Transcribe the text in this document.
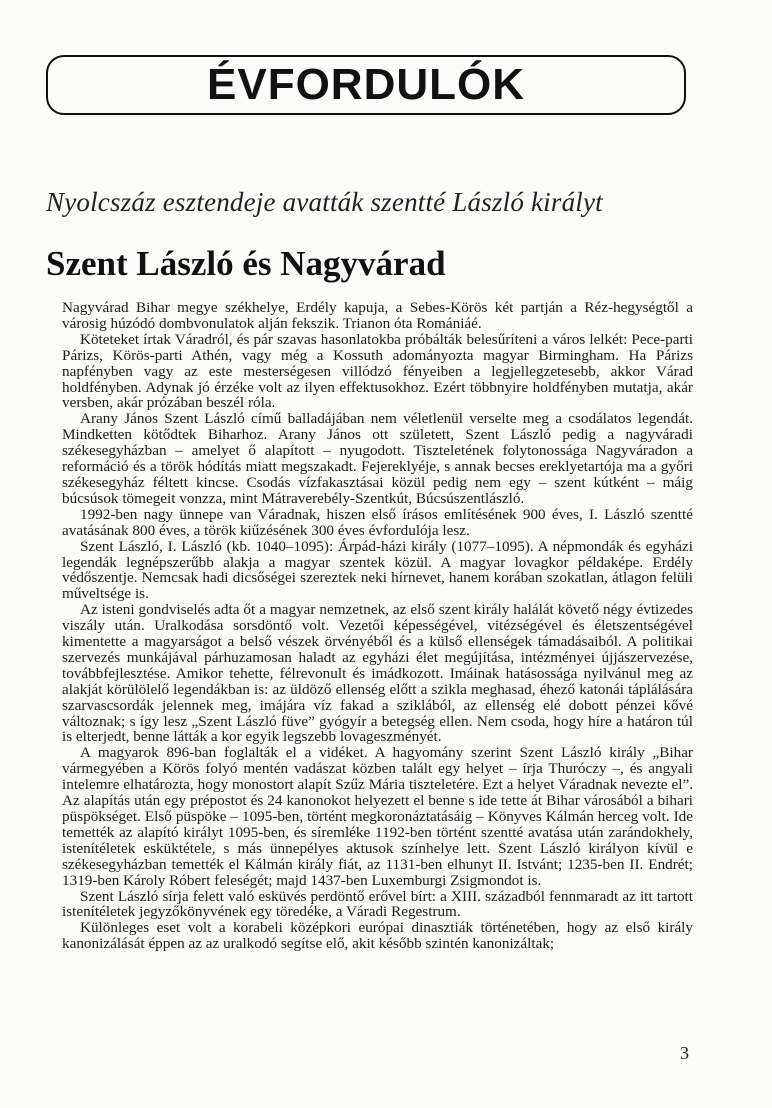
ÉVFORDULÓK
Nyolcszáz esztendeje avatták szentté László királyt
Szent László és Nagyvárad

Nagyvárad Bihar megye székhelye, Erdély kapuja, a Sebes-Körös két partján a Réz-hegységtől a városig húzódó dombvonulatok alján fekszik. Trianon óta Romániáé.

Köteteket írtak Váradról, és pár szavas hasonlatokba próbálták belesűríteni a város lelkét: Pece-parti Párizs, Körös-parti Athén, vagy még a Kossuth adományozta magyar Birmingham. Ha Párizs napfényben vagy az este mesterségesen villódzó fényeiben a legjellegzetesebb, akkor Várad holdfényben. Adynak jó érzéke volt az ilyen effektusokhoz. Ezért többnyire holdfényben mutatja, akár versben, akár prózában beszél róla.

Arany János Szent László című balladájában nem véletlenül verselte meg a csodálatos legendát. Mindketten kötődtek Biharhoz. Arany János ott született, Szent László pedig a nagyváradi székesegyházban – amelyet ő alapított – nyugodott. Tiszteletének folytonossága Nagyváradon a reformáció és a török hódítás miatt megszakadt. Fejereklyéje, s annak becses ereklyetartója ma a győri székesegyház féltett kincse. Csodás vízfakasztásai közül pedig nem egy – szent kútként – máig búcsúsok tömegeit vonzza, mint Mátraverebély-Szentkút, Búcsúszentlászló.

1992-ben nagy ünnepe van Váradnak, hiszen első írásos említésének 900 éves, I. László szentté avatásának 800 éves, a török kiűzésének 300 éves évfordulója lesz.

Szent László, I. László (kb. 1040–1095): Árpád-házi király (1077–1095). A népmondák és egyházi legendák legnépszerűbb alakja a magyar szentek közül. A magyar lovagkor példaképe. Erdély védőszentje. Nemcsak hadi dicsőségei szereztek neki hírnevet, hanem korában szokatlan, átlagon felüli műveltsége is.

Az isteni gondviselés adta őt a magyar nemzetnek, az első szent király halálát követő négy évtizedes viszály után. Uralkodása sorsdöntő volt. Vezetői képességével, vitézségével és életszentségével kimentette a magyarságot a belső vészek örvényéből és a külső ellenségek támadásaiból. A politikai szervezés munkájával párhuzamosan haladt az egyházi élet megújítása, intézményei újjászervezése, továbbfejlesztése. Amikor tehette, félrevonult és imádkozott. Imáinak hatásossága nyilvánul meg az alakját körülölelő legendákban is: az üldöző ellenség előtt a szikla meghasad, éhező katonái táplálására szarvascsordák jelennek meg, imájára víz fakad a sziklából, az ellenség elé dobott pénzei kővé változnak; s így lesz „Szent László füve” gyógyír a betegség ellen. Nem csoda, hogy híre a határon túl is elterjedt, benne látták a kor egyik legszebb lovageszményét.

A magyarok 896-ban foglalták el a vidéket. A hagyomány szerint Szent László király „Bihar vármegyében a Körös folyó mentén vadászat közben talált egy helyet – írja Thuróczy –, és angyali intelemre elhatározta, hogy monostort alapít Szűz Mária tiszteletére. Ezt a helyet Váradnak nevezte el”. Az alapítás után egy prépostot és 24 kanonokot helyezett el benne s ide tette át Bihar városából a bihari püspökséget. Első püspöke – 1095-ben, történt megkoronáztatásáig – Könyves Kálmán herceg volt. Ide temették az alapító királyt 1095-ben, és síremléke 1192-ben történt szentté avatása után zarándokhely, istenítéletek esküktétele, s más ünnepélyes aktusok színhelye lett. Szent László királyon kívül e székesegyházban temették el Kálmán király fiát, az 1131-ben elhunyt II. Istvánt; 1235-ben II. Endrét; 1319-ben Károly Róbert feleségét; majd 1437-ben Luxemburgi Zsigmondot is.

Szent László sírja felett való esküvés perdöntő erővel bírt: a XIII. századból fennmaradt az itt tartott istenítéletek jegyzőkönyvének egy töredéke, a Váradi Regestrum.

Különleges eset volt a korabeli középkori európai dinasztiák történetében, hogy az első király kanonizálását éppen az az uralkodó segítse elő, akit később szintén kanonizáltak;

3
